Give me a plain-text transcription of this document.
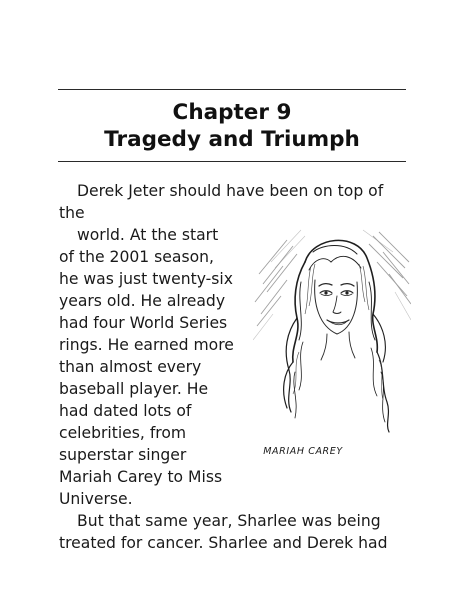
Chapter 9
Tragedy and Triumph
Derek Jeter should have been on top of
the
world. At the start
of the 2001 season,
he was just twenty-six
years old. He already
had four World Series
rings. He earned more
than almost every
baseball player. He
had dated lots of
celebrities, from
superstar singer
Mariah Carey to Miss
Universe.
But that same year, Sharlee was being
treated for cancer. Sharlee and Derek had
MARIAH CAREY
